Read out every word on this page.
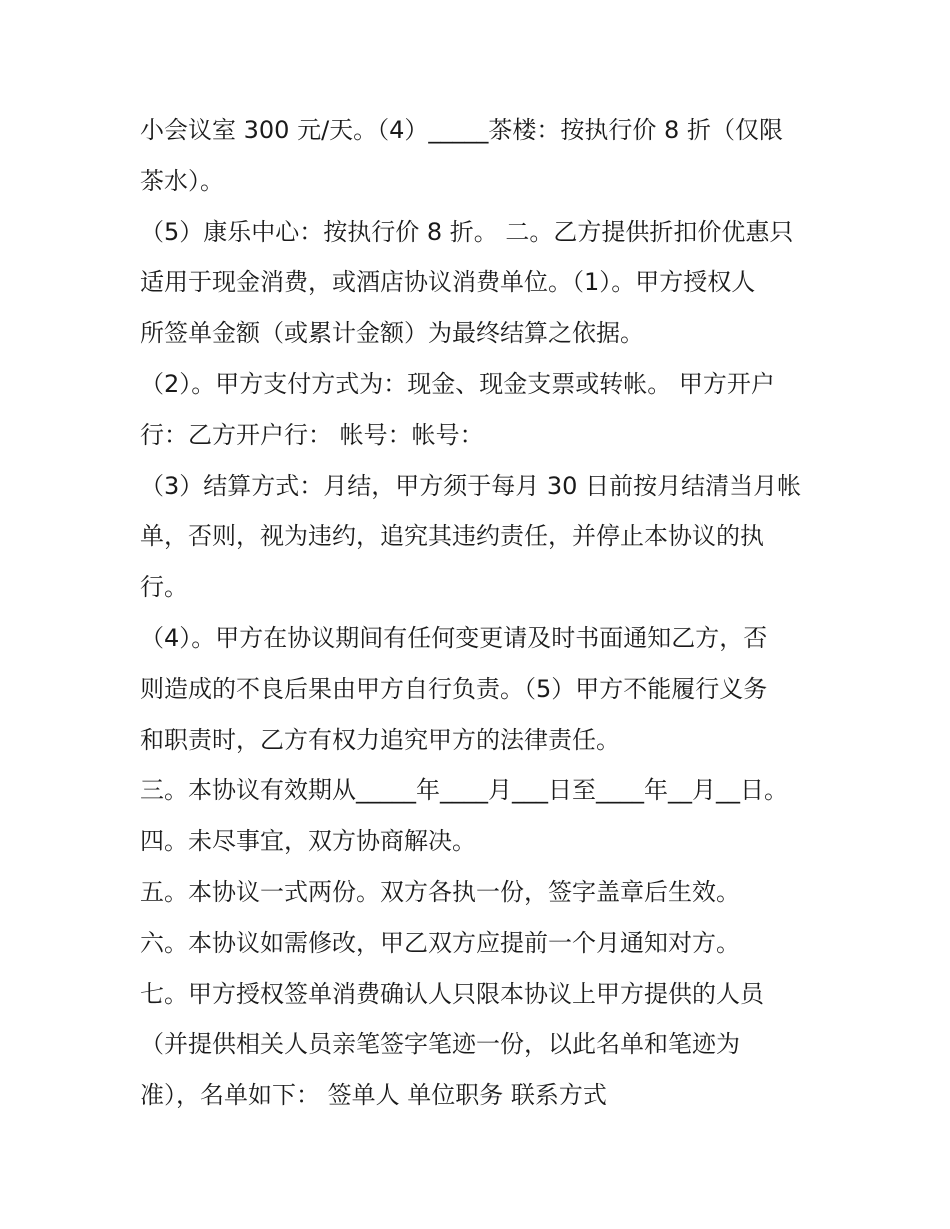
小会议室 300 元/天。（4）_____茶楼：按执行价 8 折（仅限
茶水）。
（5）康乐中心：按执行价 8 折。 二。乙方提供折扣价优惠只
适用于现金消费，或酒店协议消费单位。（1）。甲方授权人
所签单金额（或累计金额）为最终结算之依据。
（2）。甲方支付方式为：现金、现金支票或转帐。 甲方开户
行：乙方开户行： 帐号：帐号：
（3）结算方式：月结，甲方须于每月 30 日前按月结清当月帐
单，否则，视为违约，追究其违约责任，并停止本协议的执
行。
（4）。甲方在协议期间有任何变更请及时书面通知乙方，否
则造成的不良后果由甲方自行负责。（5）甲方不能履行义务
和职责时，乙方有权力追究甲方的法律责任。
三。本协议有效期从_____年____月___日至____年__月__日。
四。未尽事宜，双方协商解决。
五。本协议一式两份。双方各执一份，签字盖章后生效。
六。本协议如需修改，甲乙双方应提前一个月通知对方。
七。甲方授权签单消费确认人只限本协议上甲方提供的人员
（并提供相关人员亲笔签字笔迹一份，以此名单和笔迹为
准），名单如下： 签单人 单位职务 联系方式
